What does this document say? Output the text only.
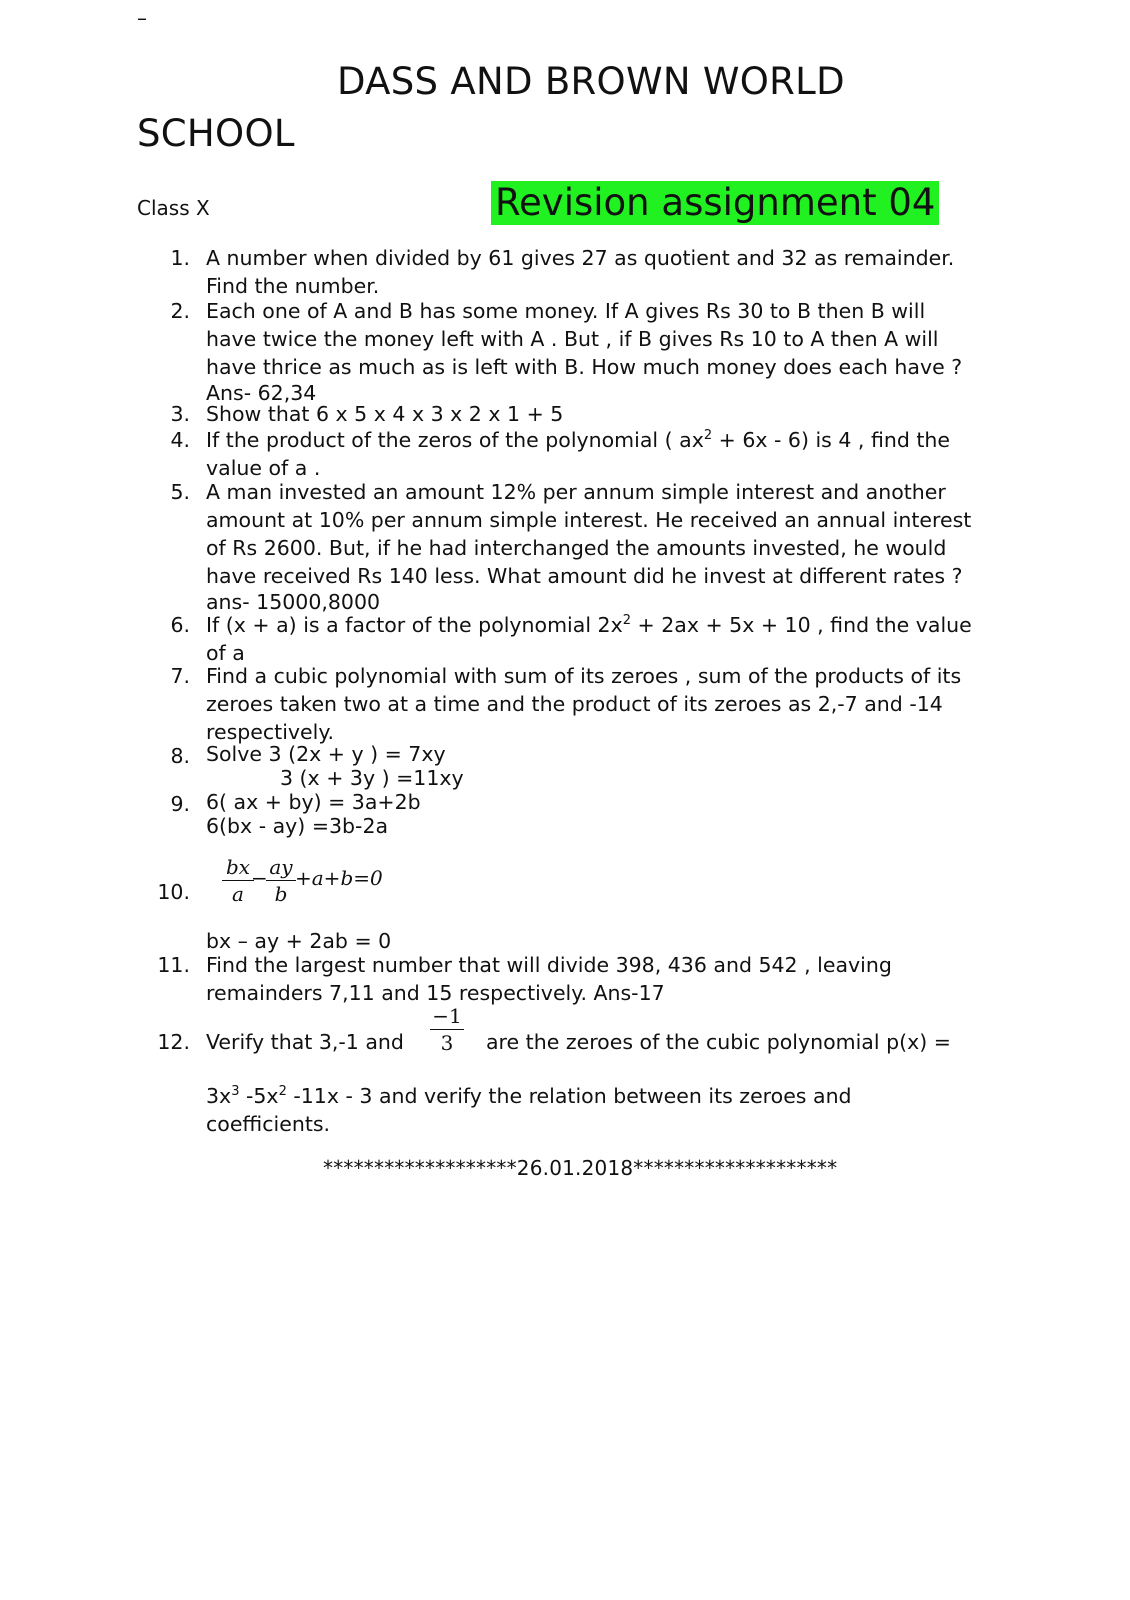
–
DASS AND BROWN WORLD
SCHOOL
Class X	Revision assignment 04
1. A number when divided by 61 gives 27 as quotient and 32 as remainder.
Find the number.
2. Each one of A and B has some money. If A gives Rs 30 to B then B will
have twice the money left with A . But , if B gives Rs 10 to A then A will
have thrice as much as is left with B. How much money does each have ?
Ans- 62,34
3. Show that 6 x 5 x 4 x 3 x 2 x 1 + 5
4. If the product of the zeros of the polynomial ( $ax^2 + 6x - 6$) is 4 , find the
value of a .
5. A man invested an amount 12% per annum simple interest and another
amount at 10% per annum simple interest. He received an annual interest
of Rs 2600. But, if he had interchanged the amounts invested, he would
have received Rs 140 less. What amount did he invest at different rates ?
ans- 15000,8000
6. If (x + a) is a factor of the polynomial $2x^2 + 2ax + 5x + 10$ , find the value
of a
7. Find a cubic polynomial with sum of its zeroes , sum of the products of its
zeroes taken two at a time and the product of its zeroes as 2,-7 and -14
respectively.
8. Solve 3 (2x + y ) = 7xy
3 (x + 3y ) =11xy
9. 6( ax + by) = 3a+2b
6(bx - ay) =3b-2a
10. $\frac{bx}{a}$
−
$\frac{ay}{b} +a+b=0$
bx – ay + 2ab = 0
11. Find the largest number that will divide 398, 436 and 542 , leaving
remainders 7,11 and 15 respectively. Ans-17
12. Verify that 3,-1 and $\frac{-1}{3}$ are the zeroes of the cubic polynomial p(x) =
$3x^3$ $-5x^2$ -11x - 3 and verify the relation between its zeroes and
coefficients.
*******************26.01.2018********************
